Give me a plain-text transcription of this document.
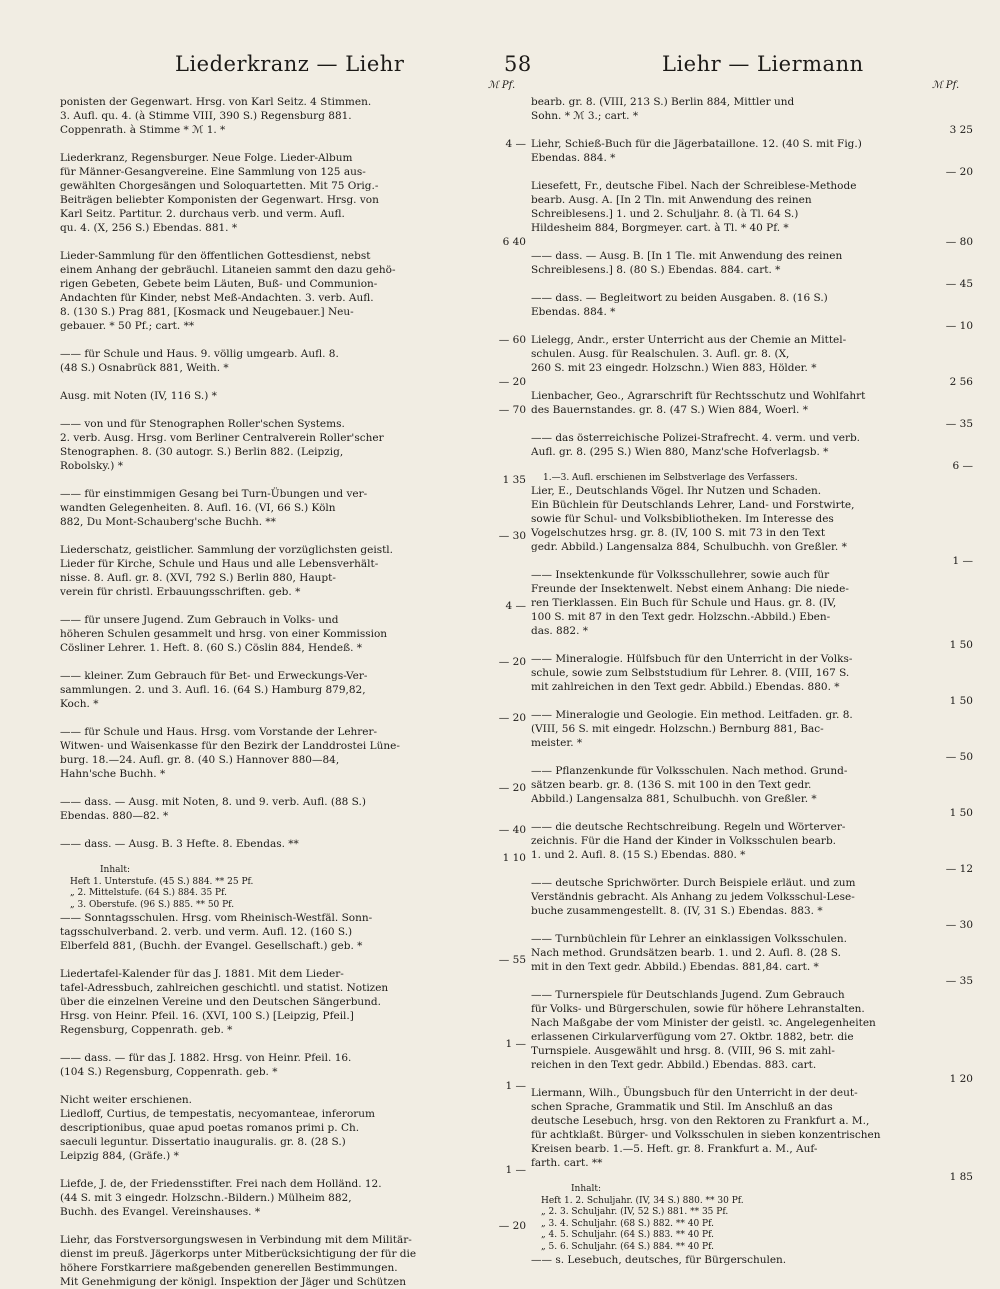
Liederkranz — Liehr	58	Liehr — Liermann
ℳ Pf.	ℳ Pf.

ponisten der Gegenwart. Hrsg. von Karl Seitz. 4 Stimmen.
3. Aufl. qu. 4. (à Stimme VIII, 390 S.) Regensburg 881.
Coppenrath. à Stimme * ℳ 1. *
4 —

Liederkranz, Regensburger. Neue Folge. Lieder-Album
für Männer-Gesangvereine. Eine Sammlung von 125 aus-
gewählten Chorgesängen und Soloquartetten. Mit 75 Orig.-
Beiträgen beliebter Komponisten der Gegenwart. Hrsg. von
Karl Seitz. Partitur. 2. durchaus verb. und verm. Aufl.
qu. 4. (X, 256 S.) Ebendas. 881. *
6 40

Lieder-Sammlung für den öffentlichen Gottesdienst, nebst
einem Anhang der gebräuchl. Litaneien sammt den dazu gehö-
rigen Gebeten, Gebete beim Läuten, Buß- und Communion-
Andachten für Kinder, nebst Meß-Andachten. 3. verb. Aufl.
8. (130 S.) Prag 881, [Kosmack und Neugebauer.] Neu-
gebauer. * 50 Pf.; cart. **
— 60

—— für Schule und Haus. 9. völlig umgearb. Aufl. 8.
(48 S.) Osnabrück 881, Weith. *
— 20

Ausg. mit Noten (IV, 116 S.) *
— 70

—— von und für Stenographen Roller'schen Systems.
2. verb. Ausg. Hrsg. vom Berliner Centralverein Roller'scher
Stenographen. 8. (30 autogr. S.) Berlin 882. (Leipzig,
Robolsky.) *
1 35

—— für einstimmigen Gesang bei Turn-Übungen und ver-
wandten Gelegenheiten. 8. Aufl. 16. (VI, 66 S.) Köln
882, Du Mont-Schauberg'sche Buchh. **
— 30

Liederschatz, geistlicher. Sammlung der vorzüglichsten geistl.
Lieder für Kirche, Schule und Haus und alle Lebensverhält-
nisse. 8. Aufl. gr. 8. (XVI, 792 S.) Berlin 880, Haupt-
verein für christl. Erbauungsschriften. geb. *
4 —

—— für unsere Jugend. Zum Gebrauch in Volks- und
höheren Schulen gesammelt und hrsg. von einer Kommission
Cösliner Lehrer. 1. Heft. 8. (60 S.) Cöslin 884, Hendeß. *
— 20

—— kleiner. Zum Gebrauch für Bet- und Erweckungs-Ver-
sammlungen. 2. und 3. Aufl. 16. (64 S.) Hamburg 879,82,
Koch. *
— 20

—— für Schule und Haus. Hrsg. vom Vorstande der Lehrer-
Witwen- und Waisenkasse für den Bezirk der Landdrostei Lüne-
burg. 18.—24. Aufl. gr. 8. (40 S.) Hannover 880—84,
Hahn'sche Buchh. *
— 20

—— dass. — Ausg. mit Noten, 8. und 9. verb. Aufl. (88 S.)
Ebendas. 880—82. *
— 40

—— dass. — Ausg. B. 3 Hefte. 8. Ebendas. **
1 10

Inhalt:
Heft 1. Unterstufe. (45 S.) 884. ** 25 Pf.
„ 2. Mittelstufe. (64 S.) 884. 35 Pf.
„ 3. Oberstufe. (96 S.) 885. ** 50 Pf.

—— Sonntagsschulen. Hrsg. vom Rheinisch-Westfäl. Sonn-
tagsschulverband. 2. verb. und verm. Aufl. 12. (160 S.)
Elberfeld 881, (Buchh. der Evangel. Gesellschaft.) geb. *
— 55

Liedertafel-Kalender für das J. 1881. Mit dem Lieder-
tafel-Adressbuch, zahlreichen geschichtl. und statist. Notizen
über die einzelnen Vereine und den Deutschen Sängerbund.
Hrsg. von Heinr. Pfeil. 16. (XVI, 100 S.) [Leipzig, Pfeil.]
Regensburg, Coppenrath. geb. *
1 —

—— dass. — für das J. 1882. Hrsg. von Heinr. Pfeil. 16.
(104 S.) Regensburg, Coppenrath. geb. *
1 —

Nicht weiter erschienen.

Liedloff, Curtius, de tempestatis, necyomanteae, inferorum
descriptionibus, quae apud poetas romanos primi p. Ch.
saeculi leguntur. Dissertatio inauguralis. gr. 8. (28 S.)
Leipzig 884, (Gräfe.) *
1 —

Liefde, J. de, der Friedensstifter. Frei nach dem Holländ. 12.
(44 S. mit 3 eingedr. Holzschn.-Bildern.) Mülheim 882,
Buchh. des Evangel. Vereinshauses. *
— 20

Liehr, das Forstversorgungswesen in Verbindung mit dem Militär-
dienst im preuß. Jägerkorps unter Mitberücksichtigung der für die
höhere Forstkarriere maßgebenden generellen Bestimmungen.
Mit Genehmigung der königl. Inspektion der Jäger und Schützen

bearb. gr. 8. (VIII, 213 S.) Berlin 884, Mittler und
Sohn. * ℳ 3.; cart. *
3 25

Liehr, Schieß-Buch für die Jägerbataillone. 12. (40 S. mit Fig.)
Ebendas. 884. *
— 20

Liesefett, Fr., deutsche Fibel. Nach der Schreiblese-Methode
bearb. Ausg. A. [In 2 Tln. mit Anwendung des reinen
Schreiblesens.] 1. und 2. Schuljahr. 8. (à Tl. 64 S.)
Hildesheim 884, Borgmeyer. cart. à Tl. * 40 Pf. *
— 80

—— dass. — Ausg. B. [In 1 Tle. mit Anwendung des reinen
Schreiblesens.] 8. (80 S.) Ebendas. 884. cart. *
— 45

—— dass. — Begleitwort zu beiden Ausgaben. 8. (16 S.)
Ebendas. 884. *
— 10

Lielegg, Andr., erster Unterricht aus der Chemie an Mittel-
schulen. Ausg. für Realschulen. 3. Aufl. gr. 8. (X,
260 S. mit 23 eingedr. Holzschn.) Wien 883, Hölder. *
2 56

Lienbacher, Geo., Agrarschrift für Rechtsschutz und Wohlfahrt
des Bauernstandes. gr. 8. (47 S.) Wien 884, Woerl. *
— 35

—— das österreichische Polizei-Strafrecht. 4. verm. und verb.
Aufl. gr. 8. (295 S.) Wien 880, Manz'sche Hofverlagsb. *
6 —

1.—3. Aufl. erschienen im Selbstverlage des Verfassers.

Lier, E., Deutschlands Vögel. Ihr Nutzen und Schaden.
Ein Büchlein für Deutschlands Lehrer, Land- und Forstwirte,
sowie für Schul- und Volksbibliotheken. Im Interesse des
Vogelschutzes hrsg. gr. 8. (IV, 100 S. mit 73 in den Text
gedr. Abbild.) Langensalza 884, Schulbuchh. von Greßler. *
1 —

—— Insektenkunde für Volksschullehrer, sowie auch für
Freunde der Insektenwelt. Nebst einem Anhang: Die niede-
ren Tierklassen. Ein Buch für Schule und Haus. gr. 8. (IV,
100 S. mit 87 in den Text gedr. Holzschn.-Abbild.) Eben-
das. 882. *
1 50

—— Mineralogie. Hülfsbuch für den Unterricht in der Volks-
schule, sowie zum Selbststudium für Lehrer. 8. (VIII, 167 S.
mit zahlreichen in den Text gedr. Abbild.) Ebendas. 880. *
1 50

—— Mineralogie und Geologie. Ein method. Leitfaden. gr. 8.
(VIII, 56 S. mit eingedr. Holzschn.) Bernburg 881, Bac-
meister. *
— 50

—— Pflanzenkunde für Volksschulen. Nach method. Grund-
sätzen bearb. gr. 8. (136 S. mit 100 in den Text gedr.
Abbild.) Langensalza 881, Schulbuchh. von Greßler. *
1 50

—— die deutsche Rechtschreibung. Regeln und Wörterver-
zeichnis. Für die Hand der Kinder in Volksschulen bearb.
1. und 2. Aufl. 8. (15 S.) Ebendas. 880. *
— 12

—— deutsche Sprichwörter. Durch Beispiele erläut. und zum
Verständnis gebracht. Als Anhang zu jedem Volksschul-Lese-
buche zusammengestellt. 8. (IV, 31 S.) Ebendas. 883. *
— 30

—— Turnbüchlein für Lehrer an einklassigen Volksschulen.
Nach method. Grundsätzen bearb. 1. und 2. Aufl. 8. (28 S.
mit in den Text gedr. Abbild.) Ebendas. 881,84. cart. *
— 35

—— Turnerspiele für Deutschlands Jugend. Zum Gebrauch
für Volks- und Bürgerschulen, sowie für höhere Lehranstalten.
Nach Maßgabe der vom Minister der geistl. ꝛc. Angelegenheiten
erlassenen Cirkularverfügung vom 27. Oktbr. 1882, betr. die
Turnspiele. Ausgewählt und hrsg. 8. (VIII, 96 S. mit zahl-
reichen in den Text gedr. Abbild.) Ebendas. 883. cart.
1 20

Liermann, Wilh., Übungsbuch für den Unterricht in der deut-
schen Sprache, Grammatik und Stil. Im Anschluß an das
deutsche Lesebuch, hrsg. von den Rektoren zu Frankfurt a. M.,
für achtklaßt. Bürger- und Volksschulen in sieben konzentrischen
Kreisen bearb. 1.—5. Heft. gr. 8. Frankfurt a. M., Auf-
farth. cart. **
1 85

Inhalt:
Heft 1. 2. Schuljahr. (IV, 34 S.) 880. ** 30 Pf.
„ 2. 3. Schuljahr. (IV, 52 S.) 881. ** 35 Pf.
„ 3. 4. Schuljahr. (68 S.) 882. ** 40 Pf.
„ 4. 5. Schuljahr. (64 S.) 883. ** 40 Pf.
„ 5. 6. Schuljahr. (64 S.) 884. ** 40 Pf.

—— s. Lesebuch, deutsches, für Bürgerschulen.
